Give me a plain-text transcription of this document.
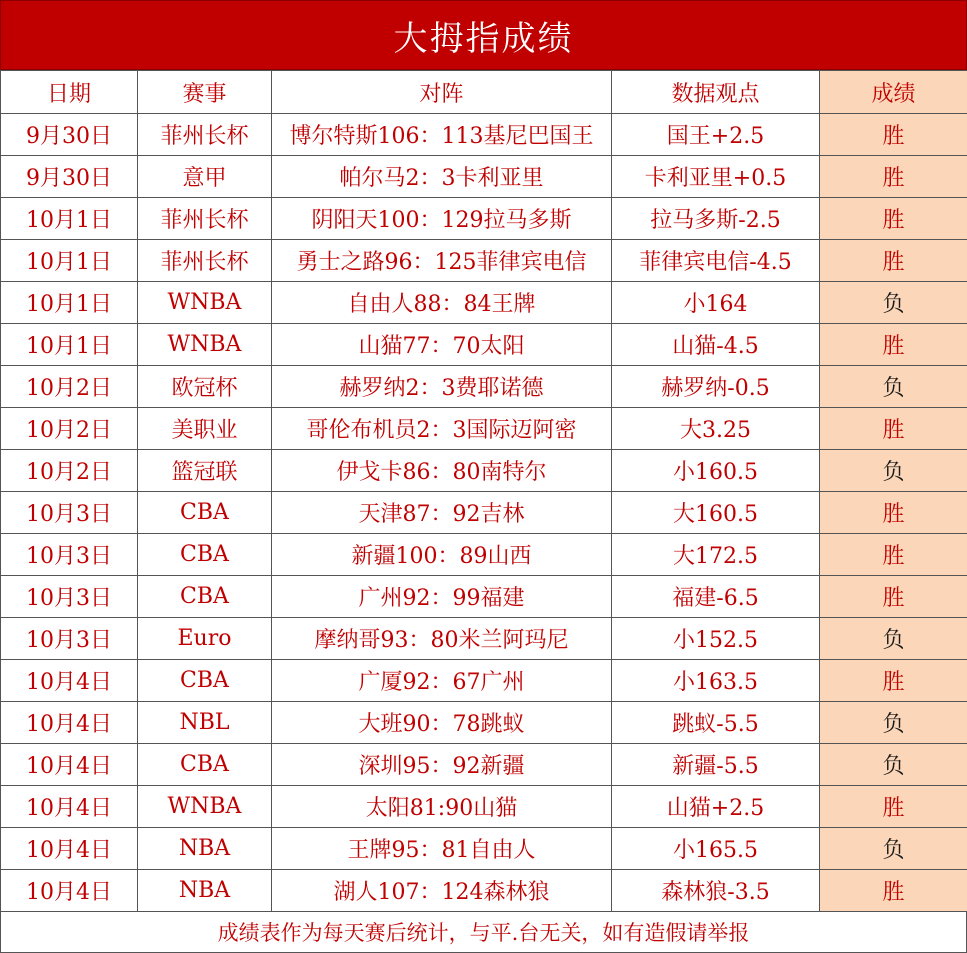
大拇指成绩
日期	赛事	对阵	数据观点	成绩
9月30日	菲州长杯	博尔特斯106：113基尼巴国王	国王+2.5	胜
9月30日	意甲	帕尔马2：3卡利亚里	卡利亚里+0.5	胜
10月1日	菲州长杯	阴阳天100：129拉马多斯	拉马多斯-2.5	胜
10月1日	菲州长杯	勇士之路96：125菲律宾电信	菲律宾电信-4.5	胜
10月1日	WNBA	自由人88：84王牌	小164	负
10月1日	WNBA	山猫77：70太阳	山猫-4.5	胜
10月2日	欧冠杯	赫罗纳2：3费耶诺德	赫罗纳-0.5	负
10月2日	美职业	哥伦布机员2：3国际迈阿密	大3.25	胜
10月2日	篮冠联	伊戈卡86：80南特尔	小160.5	负
10月3日	CBA	天津87：92吉林	大160.5	胜
10月3日	CBA	新疆100：89山西	大172.5	胜
10月3日	CBA	广州92：99福建	福建-6.5	胜
10月3日	Euro	摩纳哥93：80米兰阿玛尼	小152.5	负
10月4日	CBA	广厦92：67广州	小163.5	胜
10月4日	NBL	大班90：78跳蚁	跳蚁-5.5	负
10月4日	CBA	深圳95：92新疆	新疆-5.5	负
10月4日	WNBA	太阳81:90山猫	山猫+2.5	胜
10月4日	NBA	王牌95：81自由人	小165.5	负
10月4日	NBA	湖人107：124森林狼	森林狼-3.5	胜
成绩表作为每天赛后统计，与平.台无关，如有造假请举报
